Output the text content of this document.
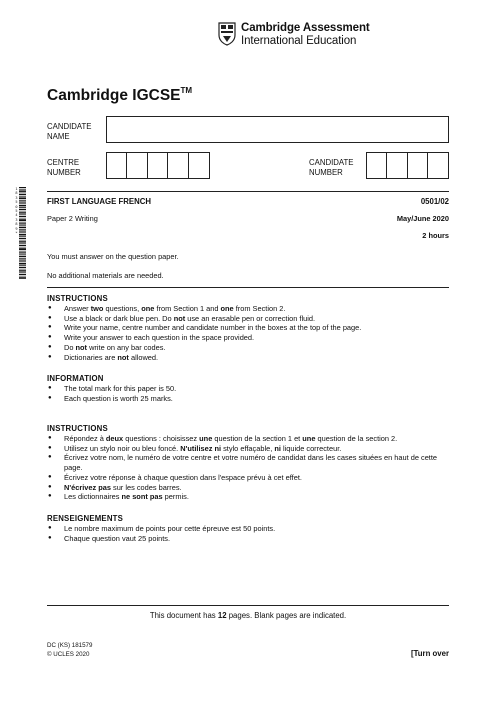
Cambridge Assessment
International Education
Cambridge IGCSE™
CANDIDATE
NAME
CENTRE
NUMBER
CANDIDATE
NUMBER
1 8 3 5 0 5 4 3 8 9 *
FIRST LANGUAGE FRENCH	0501/02
Paper 2 Writing	May/June 2020
2 hours
You must answer on the question paper.
No additional materials are needed.
INSTRUCTIONS
● Answer two questions, one from Section 1 and one from Section 2.
● Use a black or dark blue pen. Do not use an erasable pen or correction fluid.
● Write your name, centre number and candidate number in the boxes at the top of the page.
● Write your answer to each question in the space provided.
● Do not write on any bar codes.
● Dictionaries are not allowed.
INFORMATION
● The total mark for this paper is 50.
● Each question is worth 25 marks.
INSTRUCTIONS
● Répondez à deux questions : choisissez une question de la section 1 et une question de la section 2.
● Utilisez un stylo noir ou bleu foncé. N'utilisez ni stylo effaçable, ni liquide correcteur.
● Écrivez votre nom, le numéro de votre centre et votre numéro de candidat dans les cases situées en haut de cette page.
● Écrivez votre réponse à chaque question dans l'espace prévu à cet effet.
● N'écrivez pas sur les codes barres.
● Les dictionnaires ne sont pas permis.
RENSEIGNEMENTS
● Le nombre maximum de points pour cette épreuve est 50 points.
● Chaque question vaut 25 points.
This document has 12 pages. Blank pages are indicated.
DC (KS) 181579
© UCLES 2020	[Turn over
